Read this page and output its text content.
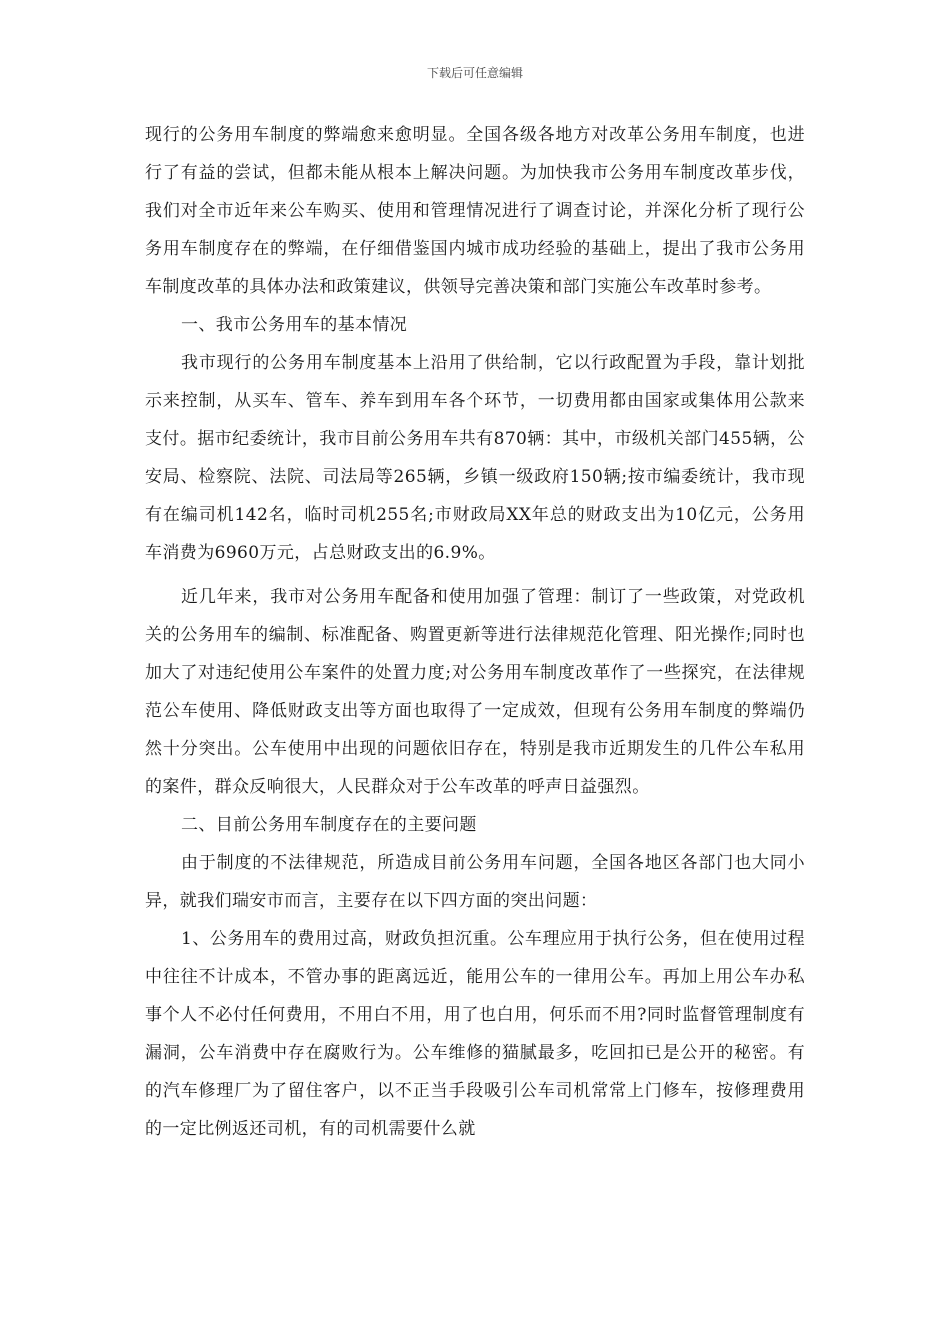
下载后可任意编辑

现行的公务用车制度的弊端愈来愈明显。全国各级各地方对改革公务用车制度，也进行了有益的尝试，但都未能从根本上解决问题。为加快我市公务用车制度改革步伐，我们对全市近年来公车购买、使用和管理情况进行了调查讨论，并深化分析了现行公务用车制度存在的弊端，在仔细借鉴国内城市成功经验的基础上，提出了我市公务用车制度改革的具体办法和政策建议，供领导完善决策和部门实施公车改革时参考。

一、我市公务用车的基本情况

我市现行的公务用车制度基本上沿用了供给制，它以行政配置为手段，靠计划批示来控制，从买车、管车、养车到用车各个环节，一切费用都由国家或集体用公款来支付。据市纪委统计，我市目前公务用车共有870辆：其中，市级机关部门455辆，公安局、检察院、法院、司法局等265辆，乡镇一级政府150辆;按市编委统计，我市现有在编司机142名，临时司机255名;市财政局XX年总的财政支出为10亿元，公务用车消费为6960万元，占总财政支出的6.9%。

近几年来，我市对公务用车配备和使用加强了管理：制订了一些政策，对党政机关的公务用车的编制、标准配备、购置更新等进行法律规范化管理、阳光操作;同时也加大了对违纪使用公车案件的处置力度;对公务用车制度改革作了一些探究，在法律规范公车使用、降低财政支出等方面也取得了一定成效，但现有公务用车制度的弊端仍然十分突出。公车使用中出现的问题依旧存在，特别是我市近期发生的几件公车私用的案件，群众反响很大，人民群众对于公车改革的呼声日益强烈。

二、目前公务用车制度存在的主要问题

由于制度的不法律规范，所造成目前公务用车问题，全国各地区各部门也大同小异，就我们瑞安市而言，主要存在以下四方面的突出问题：

1、公务用车的费用过高，财政负担沉重。公车理应用于执行公务，但在使用过程中往往不计成本，不管办事的距离远近，能用公车的一律用公车。再加上用公车办私事个人不必付任何费用，不用白不用，用了也白用，何乐而不用?同时监督管理制度有漏洞，公车消费中存在腐败行为。公车维修的猫腻最多，吃回扣已是公开的秘密。有的汽车修理厂为了留住客户，以不正当手段吸引公车司机常常上门修车，按修理费用的一定比例返还司机，有的司机需要什么就
